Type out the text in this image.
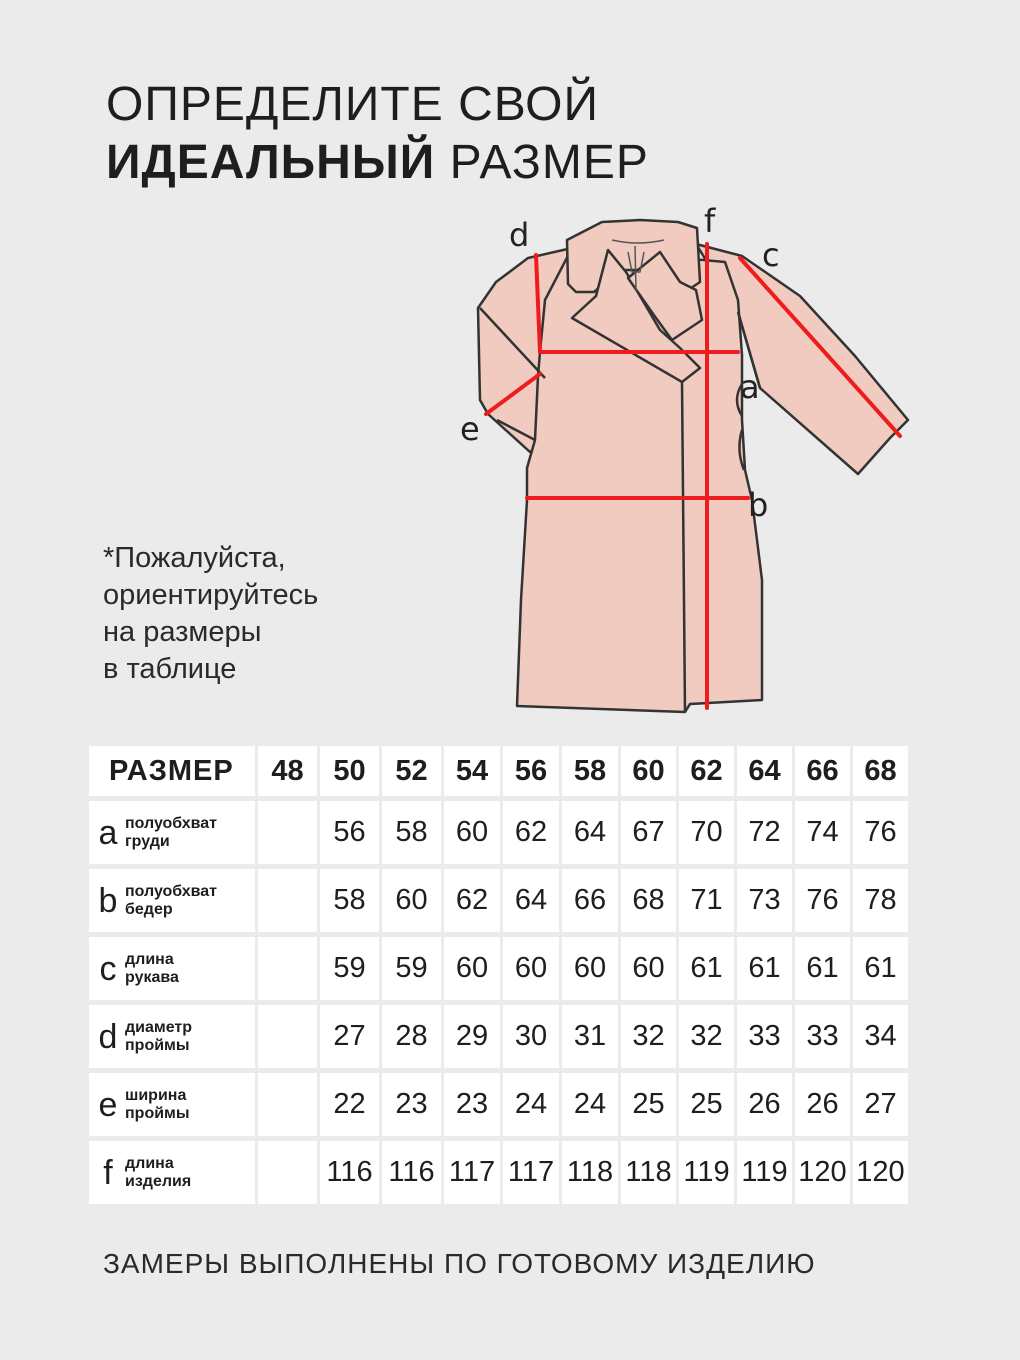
ОПРЕДЕЛИТЕ СВОЙ
ИДЕАЛЬНЫЙ РАЗМЕР
*Пожалуйста,
ориентируйтесь
на размеры
в таблице
d	f
c
a
e
b
РАЗМЕР	48	50	52	54	56	58	60	62	64	66	68

a полуобхват
груди		56	58	60	62	64	67	70	72	74	76

b полуобхват
бедер		58	60	62	64	66	68	71	73	76	78

c длина
рукава		59	59	60	60	60	60	61	61	61	61

d диаметр
проймы		27	28	29	30	31	32	32	33	33	34

e ширина
проймы		22	23	23	24	24	25	25	26	26	27

f длина
изделия		116	116	117	117	118	118	119	119	120	120
ЗАМЕРЫ ВЫПОЛНЕНЫ ПО ГОТОВОМУ ИЗДЕЛИЮ
